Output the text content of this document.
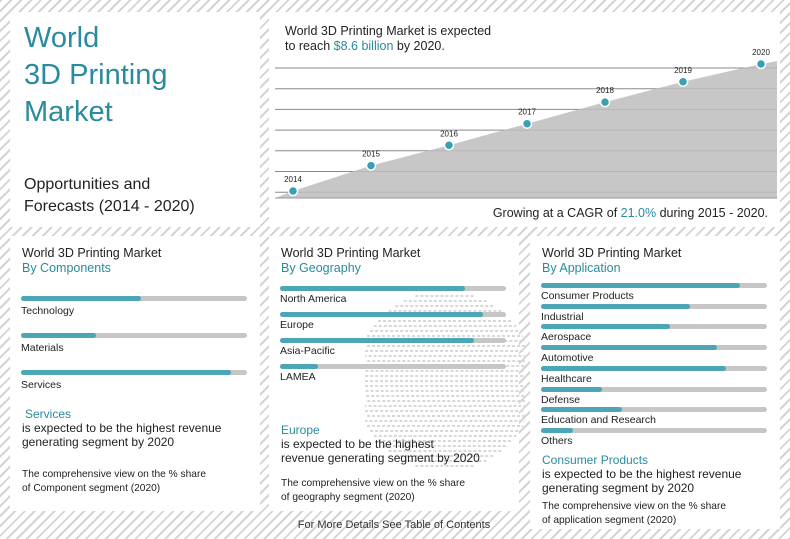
World
3D Printing
Market
Opportunities and
Forecasts (2014 - 2020)
2014
2015
2016
2017
2018
2019
2020
World 3D Printing Market is expected
to reach $8.6 billion by 2020.
Growing at a CAGR of 21.0% during 2015 - 2020.
World 3D Printing Market
By Components
Technology
Materials
Services
Services
is expected to be the highest revenue
generating segment by 2020
The comprehensive view on the % share
of Component segment (2020)
World 3D Printing Market
By Geography
North America
Europe
Asia-Pacific
LAMEA
Europe
is expected to be the highest
revenue generating segment by 2020
The comprehensive view on the % share
of geography segment (2020)
World 3D Printing Market
By Application
Consumer Products
Industrial
Aerospace
Automotive
Healthcare
Defense
Education and Research
Others
Consumer Products
is expected to be the highest revenue
generating segment by 2020
The comprehensive view on the % share
of application segment (2020)
For More Details See Table of Contents
